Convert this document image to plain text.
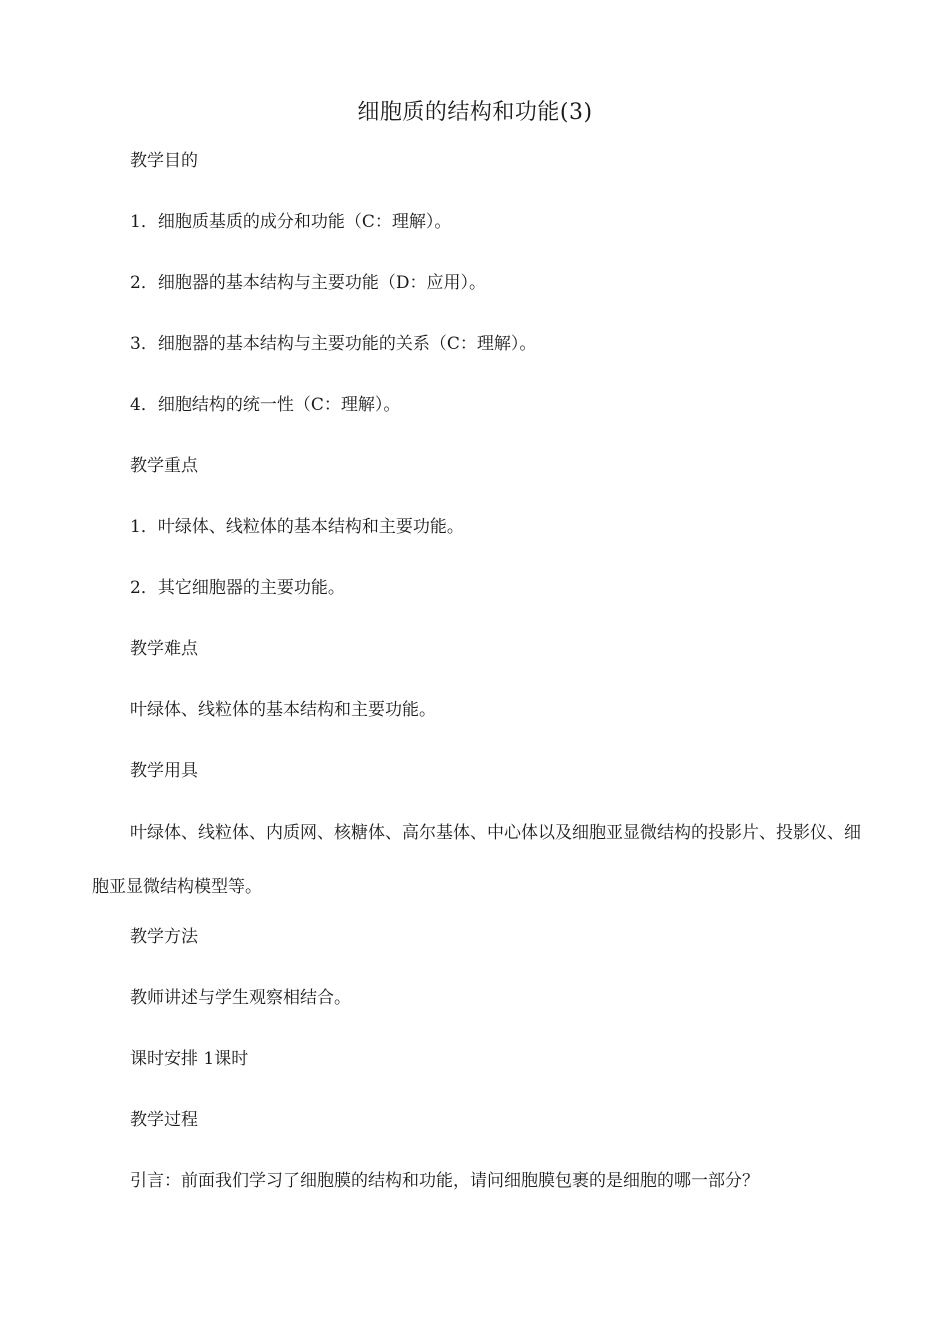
细胞质的结构和功能(3)

教学目的

1．细胞质基质的成分和功能（C：理解）。

2．细胞器的基本结构与主要功能（D：应用）。

3．细胞器的基本结构与主要功能的关系（C：理解）。

4．细胞结构的统一性（C：理解）。

教学重点

1．叶绿体、线粒体的基本结构和主要功能。

2．其它细胞器的主要功能。

教学难点

叶绿体、线粒体的基本结构和主要功能。

教学用具

叶绿体、线粒体、内质网、核糖体、高尔基体、中心体以及细胞亚显微结构的投影片、投影仪、细胞亚显微结构模型等。

教学方法

教师讲述与学生观察相结合。

课时安排 1课时

教学过程

引言：前面我们学习了细胞膜的结构和功能，请问细胞膜包裹的是细胞的哪一部分？
